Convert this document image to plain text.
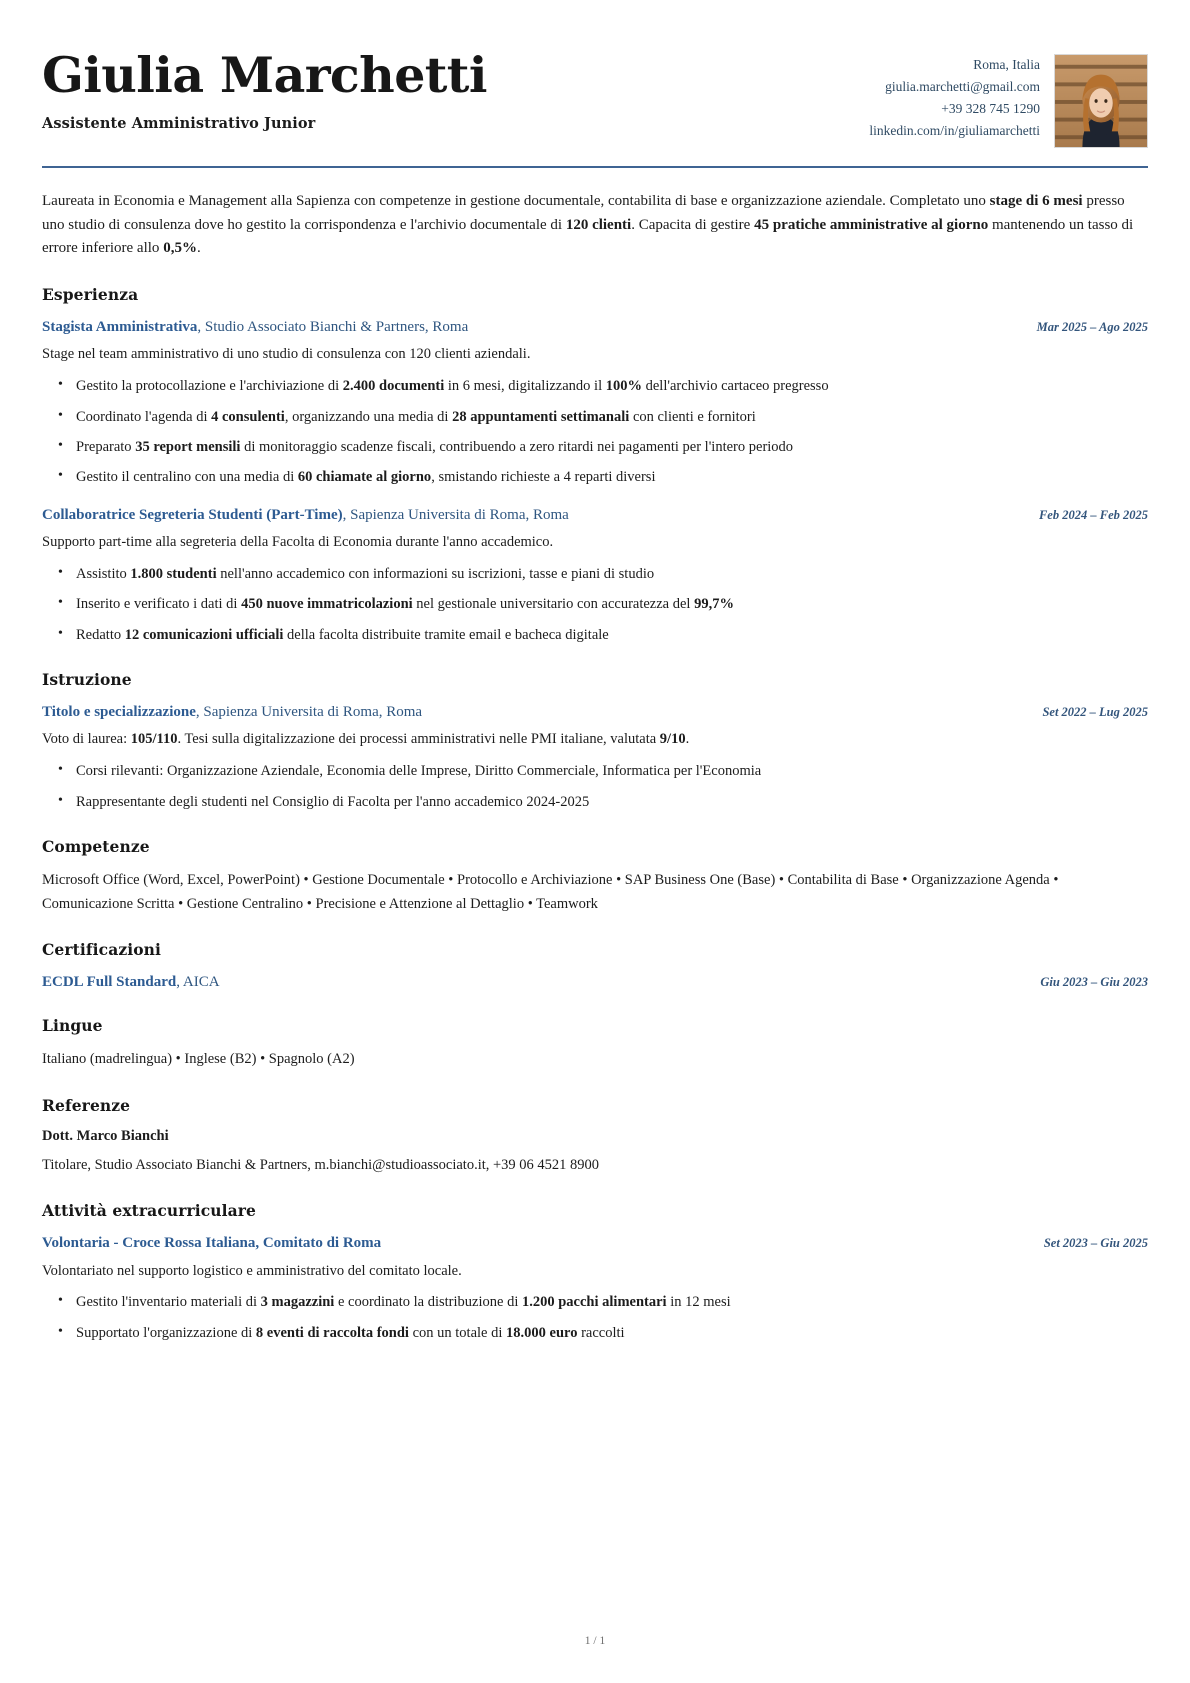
Giulia Marchetti
Assistente Amministrativo Junior
Roma, Italia
giulia.marchetti@gmail.com
+39 328 745 1290
linkedin.com/in/giuliamarchetti
Laureata in Economia e Management alla Sapienza con competenze in gestione documentale, contabilita di base e organizzazione aziendale. Completato uno stage di 6 mesi presso uno studio di consulenza dove ho gestito la corrispondenza e l'archivio documentale di 120 clienti. Capacita di gestire 45 pratiche amministrative al giorno mantenendo un tasso di errore inferiore allo 0,5%.
Esperienza
Stagista Amministrativa, Studio Associato Bianchi & Partners, Roma	Mar 2025 – Ago 2025
Stage nel team amministrativo di uno studio di consulenza con 120 clienti aziendali.
• Gestito la protocollazione e l'archiviazione di 2.400 documenti in 6 mesi, digitalizzando il 100% dell'archivio cartaceo pregresso
• Coordinato l'agenda di 4 consulenti, organizzando una media di 28 appuntamenti settimanali con clienti e fornitori
• Preparato 35 report mensili di monitoraggio scadenze fiscali, contribuendo a zero ritardi nei pagamenti per l'intero periodo
• Gestito il centralino con una media di 60 chiamate al giorno, smistando richieste a 4 reparti diversi
Collaboratrice Segreteria Studenti (Part-Time), Sapienza Universita di Roma, Roma	Feb 2024 – Feb 2025
Supporto part-time alla segreteria della Facolta di Economia durante l'anno accademico.
• Assistito 1.800 studenti nell'anno accademico con informazioni su iscrizioni, tasse e piani di studio
• Inserito e verificato i dati di 450 nuove immatricolazioni nel gestionale universitario con accuratezza del 99,7%
• Redatto 12 comunicazioni ufficiali della facolta distribuite tramite email e bacheca digitale
Istruzione
Titolo e specializzazione, Sapienza Universita di Roma, Roma	Set 2022 – Lug 2025
Voto di laurea: 105/110. Tesi sulla digitalizzazione dei processi amministrativi nelle PMI italiane, valutata 9/10.
• Corsi rilevanti: Organizzazione Aziendale, Economia delle Imprese, Diritto Commerciale, Informatica per l'Economia
• Rappresentante degli studenti nel Consiglio di Facolta per l'anno accademico 2024-2025
Competenze
Microsoft Office (Word, Excel, PowerPoint) • Gestione Documentale • Protocollo e Archiviazione • SAP Business One (Base) • Contabilita di Base • Organizzazione Agenda • Comunicazione Scritta • Gestione Centralino • Precisione e Attenzione al Dettaglio • Teamwork
Certificazioni
ECDL Full Standard, AICA	Giu 2023 – Giu 2023
Lingue
Italiano (madrelingua) • Inglese (B2) • Spagnolo (A2)
Referenze
Dott. Marco Bianchi
Titolare, Studio Associato Bianchi & Partners, m.bianchi@studioassociato.it, +39 06 4521 8900
Attività extracurriculare
Volontaria - Croce Rossa Italiana, Comitato di Roma	Set 2023 – Giu 2025
Volontariato nel supporto logistico e amministrativo del comitato locale.
• Gestito l'inventario materiali di 3 magazzini e coordinato la distribuzione di 1.200 pacchi alimentari in 12 mesi
• Supportato l'organizzazione di 8 eventi di raccolta fondi con un totale di 18.000 euro raccolti
1 / 1
